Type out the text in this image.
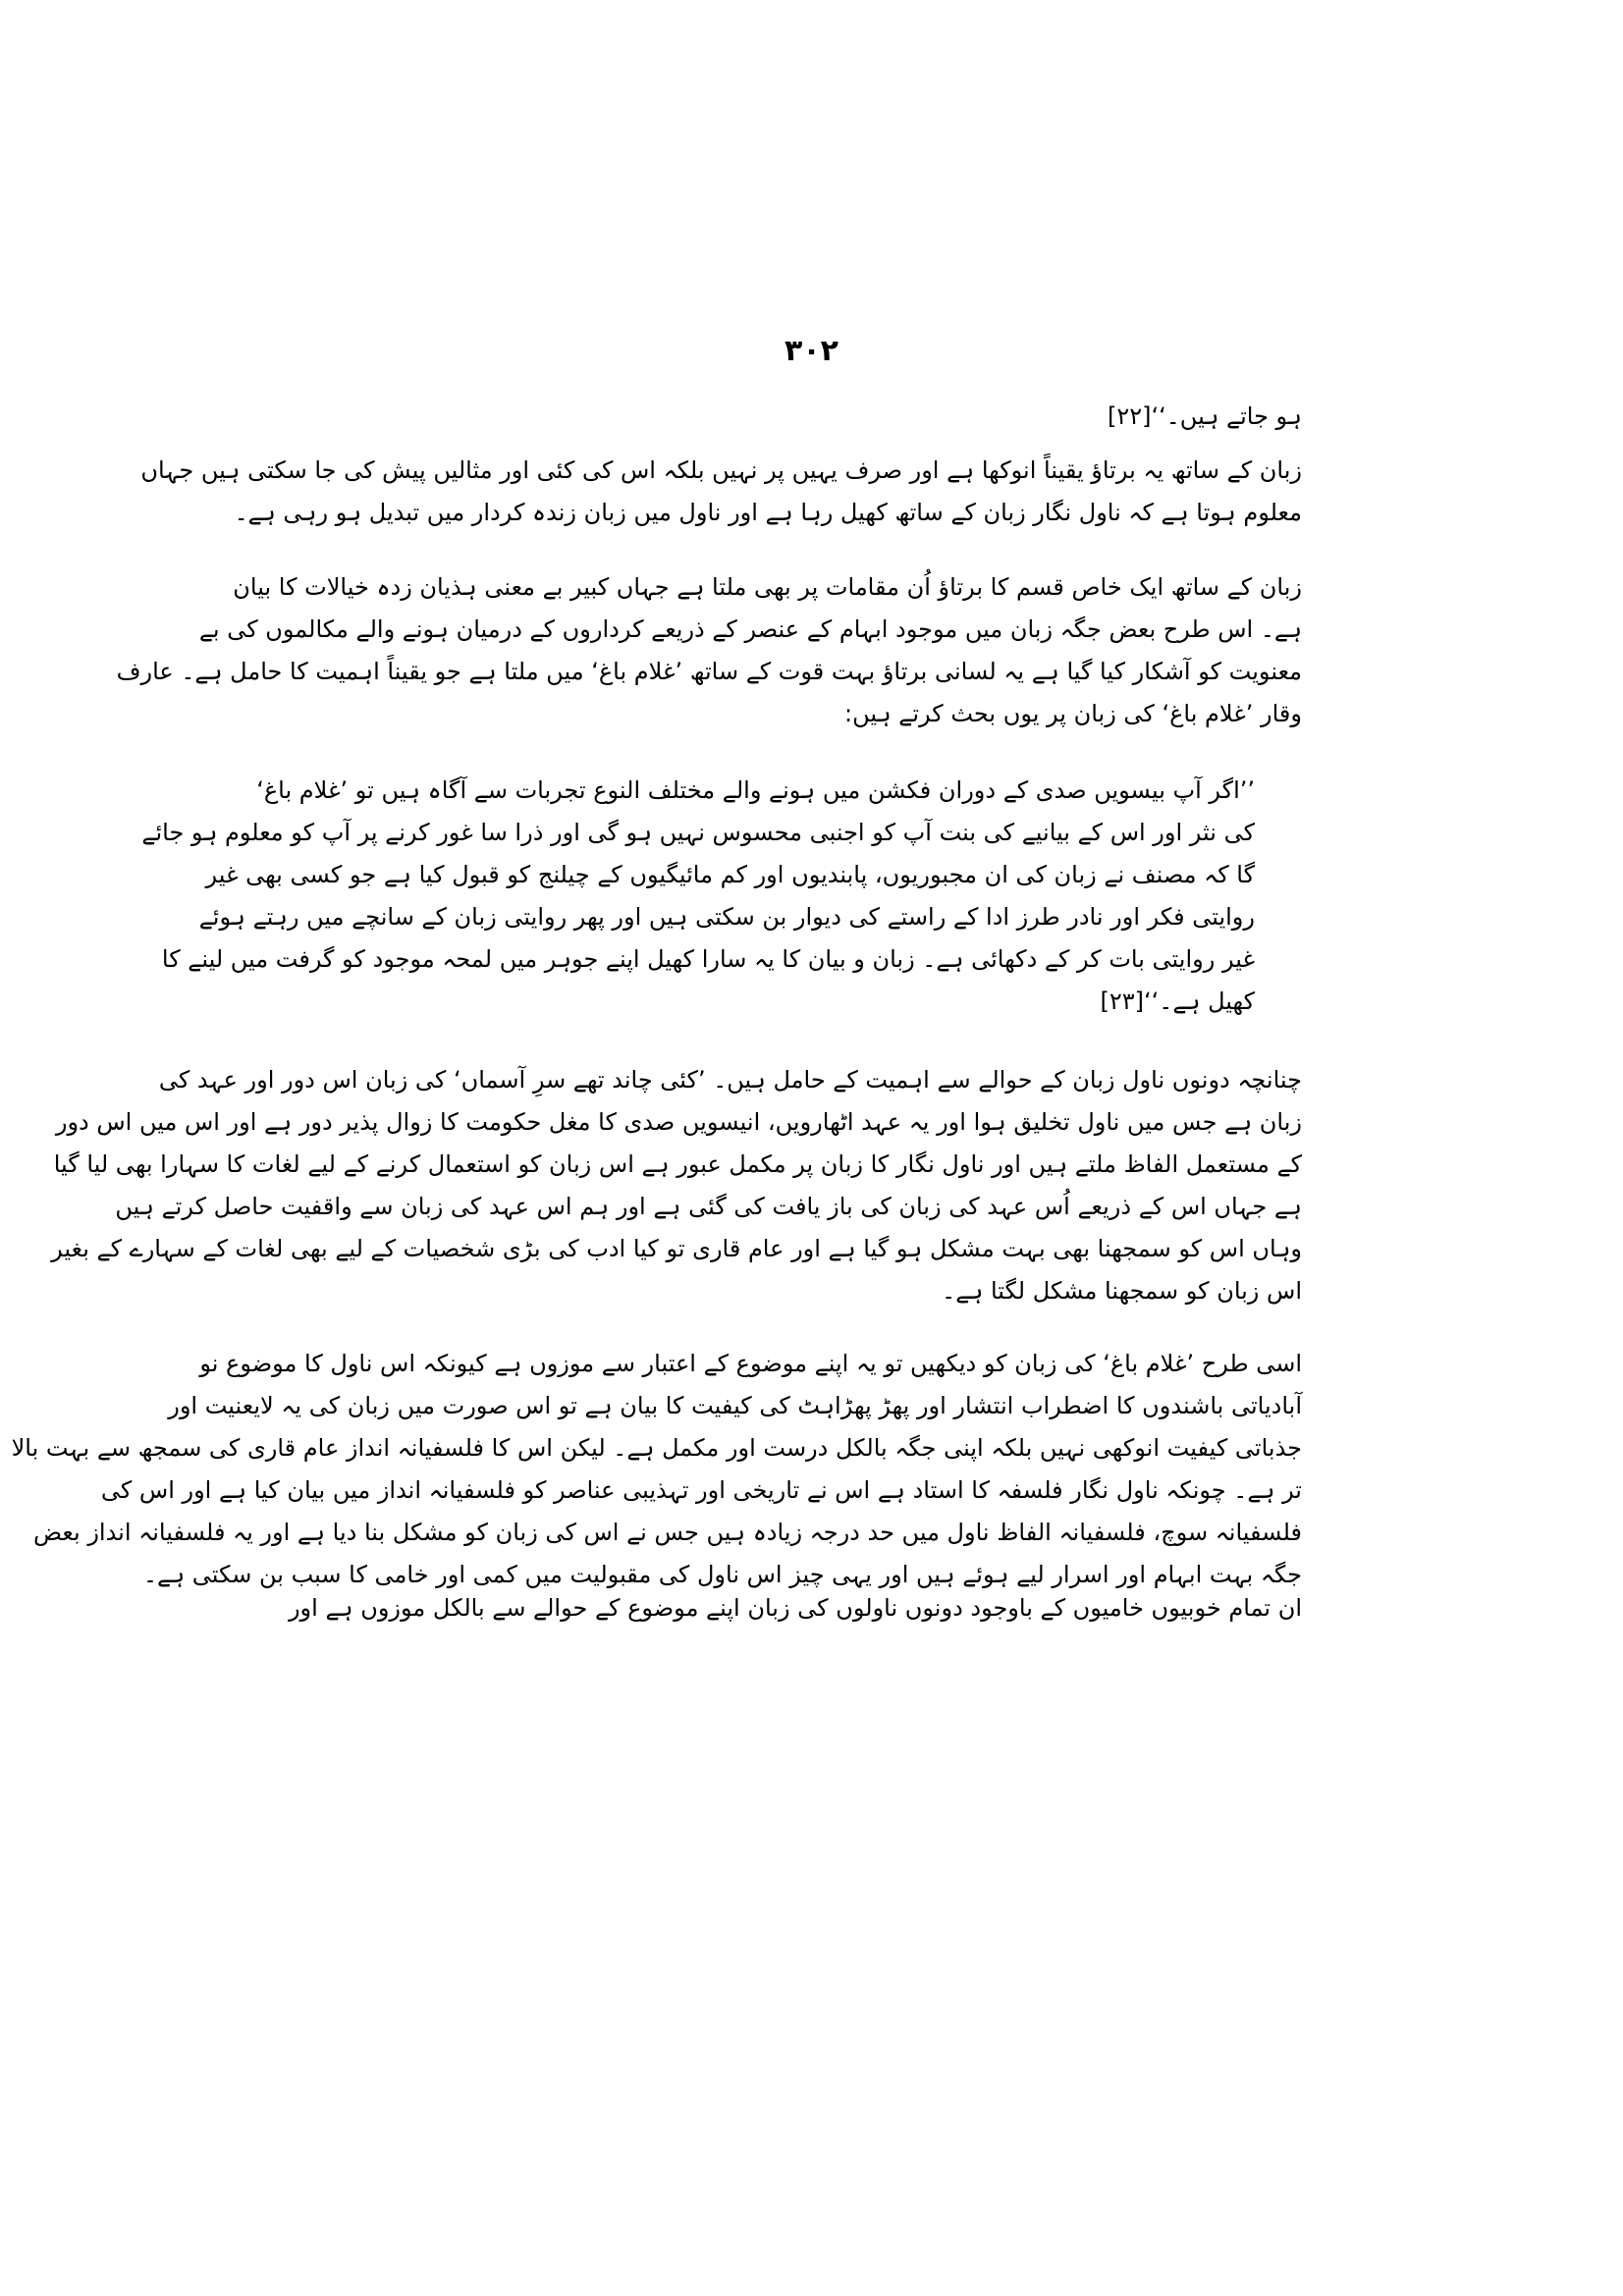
۳۰۲
ہو جاتے ہیں۔‘‘[۲۲]
زبان کے ساتھ یہ برتاؤ یقیناً انوکھا ہے اور صرف یہیں پر نہیں بلکہ اس کی کئی اور مثالیں پیش کی جا سکتی ہیں جہاں
معلوم ہوتا ہے کہ ناول نگار زبان کے ساتھ کھیل رہا ہے اور ناول میں زبان زندہ کردار میں تبدیل ہو رہی ہے۔
زبان کے ساتھ ایک خاص قسم کا برتاؤ اُن مقامات پر بھی ملتا ہے جہاں کبیر بے معنی ہذیان زدہ خیالات کا بیان
ہے۔ اس طرح بعض جگہ زبان میں موجود ابہام کے عنصر کے ذریعے کرداروں کے درمیان ہونے والے مکالموں کی بے
معنویت کو آشکار کیا گیا ہے یہ لسانی برتاؤ بہت قوت کے ساتھ ’غلام باغ‘ میں ملتا ہے جو یقیناً اہمیت کا حامل ہے۔ عارف
وقار ’غلام باغ‘ کی زبان پر یوں بحث کرتے ہیں:
’’اگر آپ بیسویں صدی کے دوران فکشن میں ہونے والے مختلف النوع تجربات سے آگاہ ہیں تو ’غلام باغ‘
کی نثر اور اس کے بیانیے کی بنت آپ کو اجنبی محسوس نہیں ہو گی اور ذرا سا غور کرنے پر آپ کو معلوم ہو جائے
گا کہ مصنف نے زبان کی ان مجبوریوں، پابندیوں اور کم مائیگیوں کے چیلنج کو قبول کیا ہے جو کسی بھی غیر
روایتی فکر اور نادر طرز ادا کے راستے کی دیوار بن سکتی ہیں اور پھر روایتی زبان کے سانچے میں رہتے ہوئے
غیر روایتی بات کر کے دکھائی ہے۔ زبان و بیان کا یہ سارا کھیل اپنے جوہر میں لمحہ موجود کو گرفت میں لینے کا
کھیل ہے۔‘‘[۲۳]
چنانچہ دونوں ناول زبان کے حوالے سے اہمیت کے حامل ہیں۔ ’کئی چاند تھے سرِ آسماں‘ کی زبان اس دور اور عہد کی
زبان ہے جس میں ناول تخلیق ہوا اور یہ عہد اٹھارویں، انیسویں صدی کا مغل حکومت کا زوال پذیر دور ہے اور اس میں اس دور
کے مستعمل الفاظ ملتے ہیں اور ناول نگار کا زبان پر مکمل عبور ہے اس زبان کو استعمال کرنے کے لیے لغات کا سہارا بھی لیا گیا
ہے جہاں اس کے ذریعے اُس عہد کی زبان کی باز یافت کی گئی ہے اور ہم اس عہد کی زبان سے واقفیت حاصل کرتے ہیں
وہاں اس کو سمجھنا بھی بہت مشکل ہو گیا ہے اور عام قاری تو کیا ادب کی بڑی شخصیات کے لیے بھی لغات کے سہارے کے بغیر
اس زبان کو سمجھنا مشکل لگتا ہے۔
اسی طرح ’غلام باغ‘ کی زبان کو دیکھیں تو یہ اپنے موضوع کے اعتبار سے موزوں ہے کیونکہ اس ناول کا موضوع نو
آبادیاتی باشندوں کا اضطراب انتشار اور پھڑ پھڑاہٹ کی کیفیت کا بیان ہے تو اس صورت میں زبان کی یہ لایعنیت اور
جذباتی کیفیت انوکھی نہیں بلکہ اپنی جگہ بالکل درست اور مکمل ہے۔ لیکن اس کا فلسفیانہ انداز عام قاری کی سمجھ سے بہت بالا
تر ہے۔ چونکہ ناول نگار فلسفہ کا استاد ہے اس نے تاریخی اور تہذیبی عناصر کو فلسفیانہ انداز میں بیان کیا ہے اور اس کی
فلسفیانہ سوچ، فلسفیانہ الفاظ ناول میں حد درجہ زیادہ ہیں جس نے اس کی زبان کو مشکل بنا دیا ہے اور یہ فلسفیانہ انداز بعض
جگہ بہت ابہام اور اسرار لیے ہوئے ہیں اور یہی چیز اس ناول کی مقبولیت میں کمی اور خامی کا سبب بن سکتی ہے۔
ان تمام خوبیوں خامیوں کے باوجود دونوں ناولوں کی زبان اپنے موضوع کے حوالے سے بالکل موزوں ہے اور
